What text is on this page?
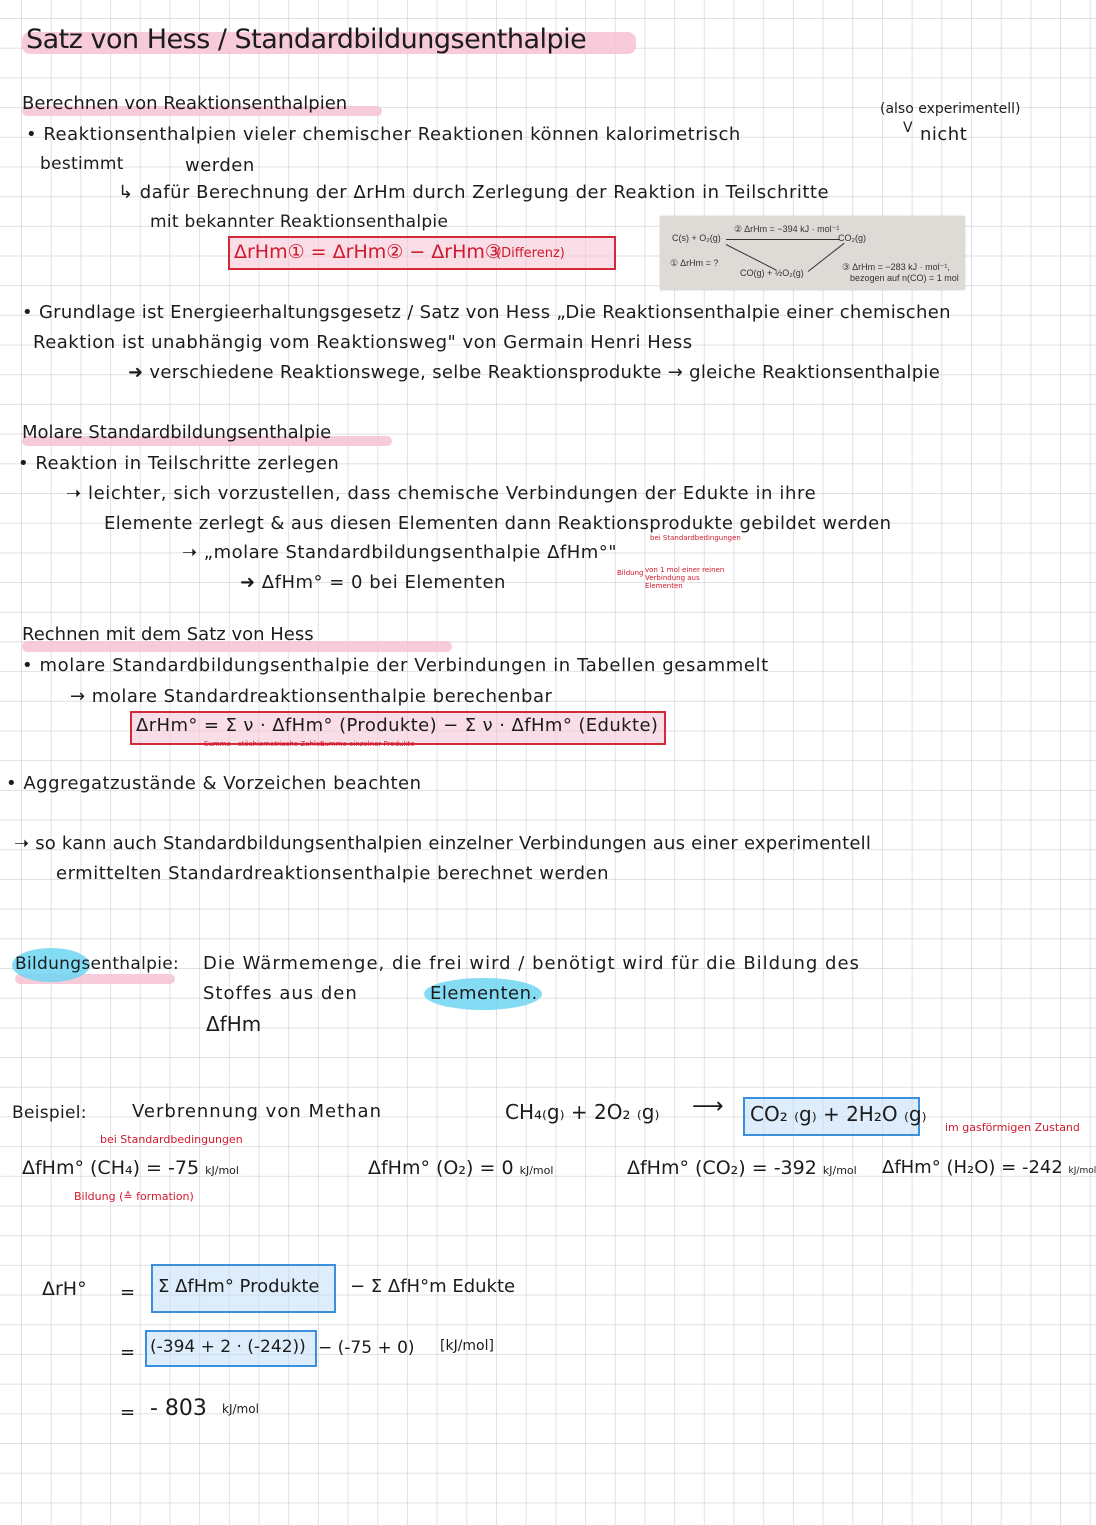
Satz von Hess / Standardbildungsenthalpie
Berechnen von Reaktionsenthalpien	(also experimentell)
• Reaktionsenthalpien vieler chemischer Reaktionen können kalorimetrisch	V nicht
bestimmt	werden
↳ dafür Berechnung der ΔrHm durch Zerlegung der Reaktion in Teilschritte
mit bekannter Reaktionsenthalpie
ΔrHm① = ΔrHm② − ΔrHm③
(Differenz)
C(s) + O₂(g)
② ΔrHm = −394 kJ · mol⁻¹
CO₂(g)
① ΔrHm = ?
CO(g) + ½O₂(g)
③ ΔrHm = −283 kJ · mol⁻¹,
bezogen auf n(CO) = 1 mol
• Grundlage ist Energieerhaltungsgesetz / Satz von Hess „Die Reaktionsenthalpie einer chemischen
Reaktion ist unabhängig vom Reaktionsweg" von Germain Henri Hess
➜ verschiedene Reaktionswege, selbe Reaktionsprodukte → gleiche Reaktionsenthalpie
Molare Standardbildungsenthalpie
• Reaktion in Teilschritte zerlegen
➝ leichter, sich vorzustellen, dass chemische Verbindungen der Edukte in ihre
Elemente zerlegt & aus diesen Elementen dann Reaktionsprodukte gebildet werden
➝ „molare Standardbildungsenthalpie ΔfHm°"
bei Standardbedingungen
Bildung von 1 mol einer reinen Verbindung aus Elementen
➜ ΔfHm° = 0 bei Elementen
Rechnen mit dem Satz von Hess
• molare Standardbildungsenthalpie der Verbindungen in Tabellen gesammelt
→ molare Standardreaktionsenthalpie berechenbar
ΔrHm° = Σ ν · ΔfHm° (Produkte) − Σ ν · ΔfHm° (Edukte)
Summe stöchiometrische Zahlen
Summe einzelner Produkte
• Aggregatzustände & Vorzeichen beachten
➝ so kann auch Standardbildungsenthalpien einzelner Verbindungen aus einer experimentell
ermittelten Standardreaktionsenthalpie berechnet werden
Bildungsenthalpie: Die Wärmemenge, die frei wird / benötigt wird für die Bildung des
Stoffes aus den	Elementen.
ΔfHm
Beispiel:	Verbrennung von Methan	CH₄₍g₎ + 2O₂ ₍g₎ ⟶ CO₂ ₍g₎ + 2H₂O ₍g₎
im gasförmigen Zustand
bei Standardbedingungen
Bildung (≙ formation)
ΔfHm° (CH₄) = -75 kJ/mol	ΔfHm° (O₂) = 0 kJ/mol	ΔfHm° (CO₂) = -392 kJ/mol ΔfHm° (H₂O) = -242 kJ/mol
ΔrH° = Σ ΔfHm° Produkte − Σ ΔfH°m Edukte
= (-394 + 2 · (-242)) − (-75 + 0) [kJ/mol]
= - 803 kJ/mol
